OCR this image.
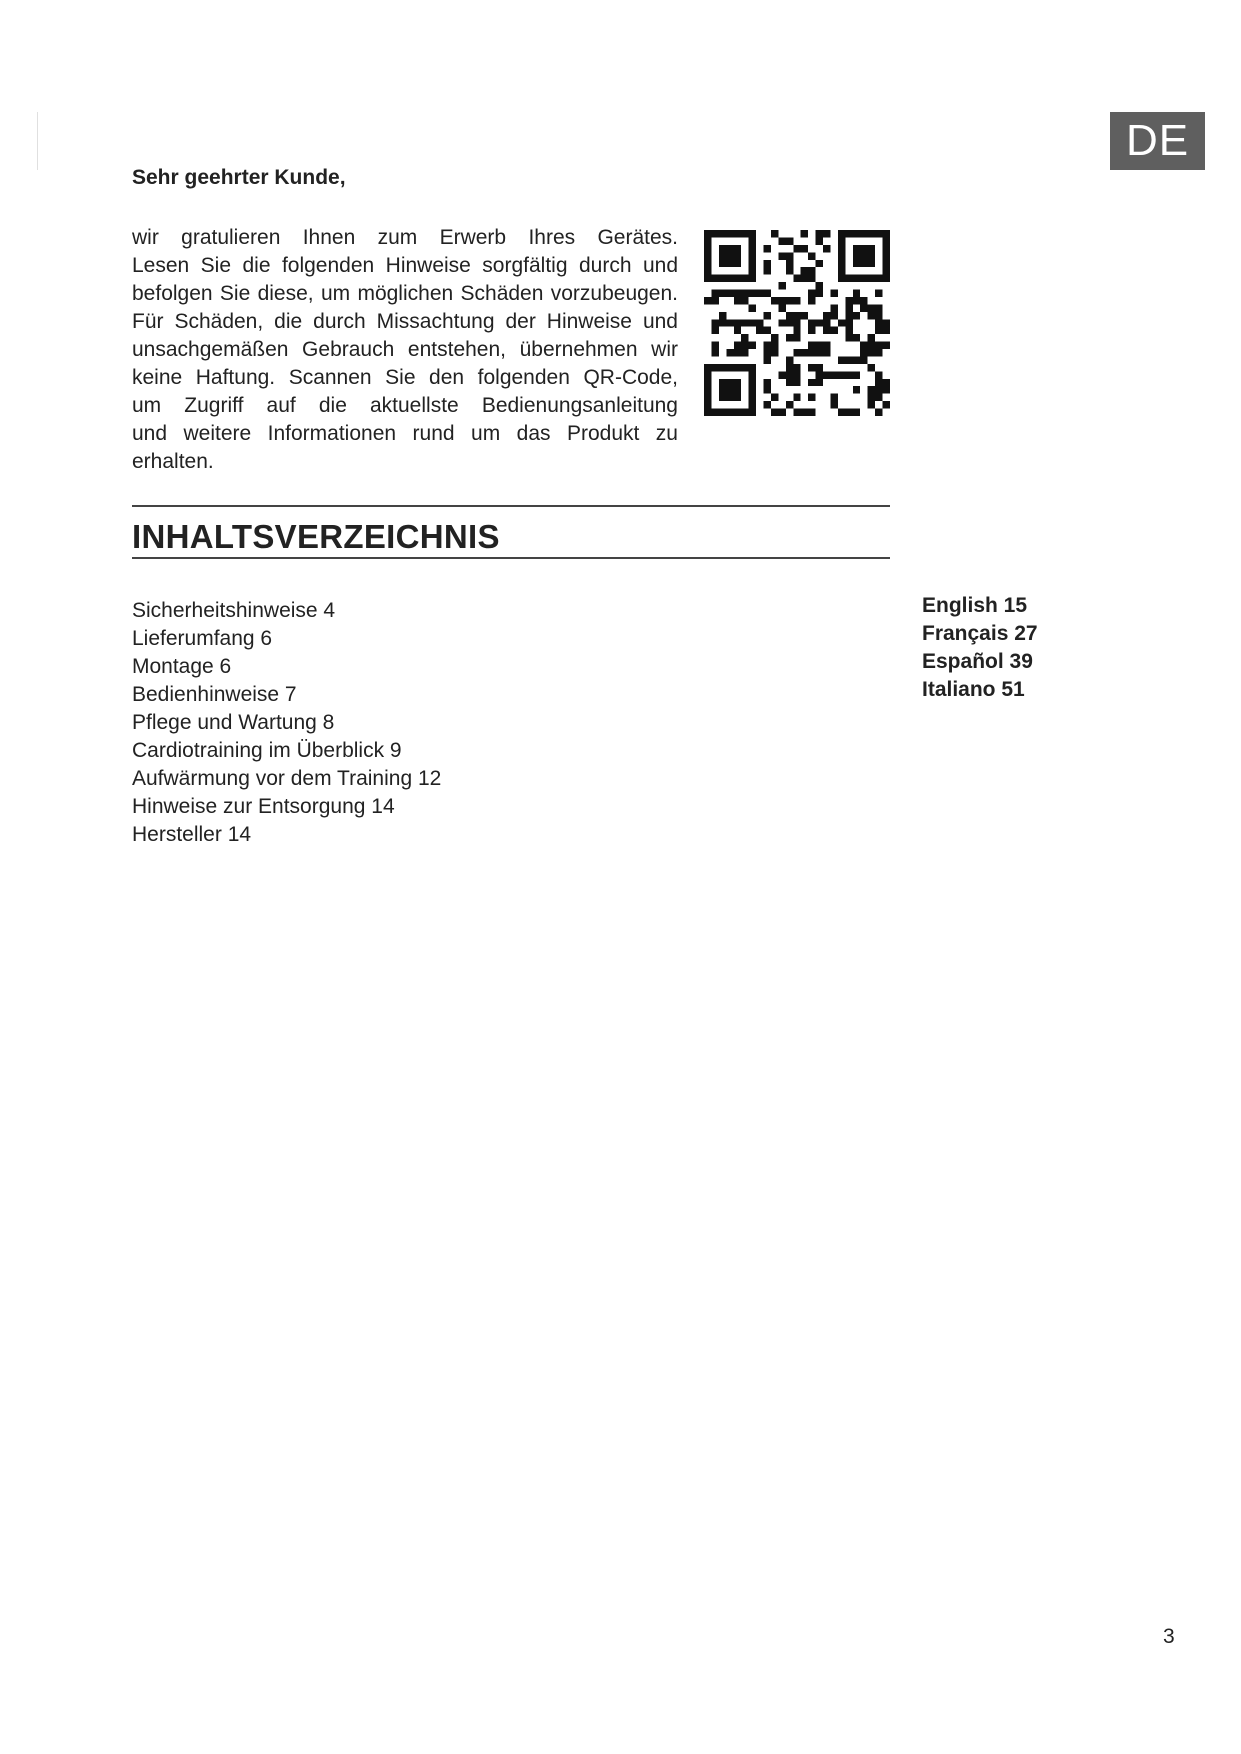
DE

Sehr geehrter Kunde,

wir gratulieren Ihnen zum Erwerb Ihres Gerätes.
Lesen Sie die folgenden Hinweise sorgfältig durch und
befolgen Sie diese, um möglichen Schäden vorzubeugen.
Für Schäden, die durch Missachtung der Hinweise und
unsachgemäßen Gebrauch entstehen, übernehmen wir
keine Haftung. Scannen Sie den folgenden QR-Code,
um Zugriff auf die aktuellste Bedienungsanleitung
und weitere Informationen rund um das Produkt zu
erhalten.

INHALTSVERZEICHNIS
Sicherheitshinweise 4
Lieferumfang 6
Montage 6
Bedienhinweise 7
Pflege und Wartung 8
Cardiotraining im Überblick 9
Aufwärmung vor dem Training 12
Hinweise zur Entsorgung 14
Hersteller 14
English 15
Français 27
Español 39
Italiano 51
3
